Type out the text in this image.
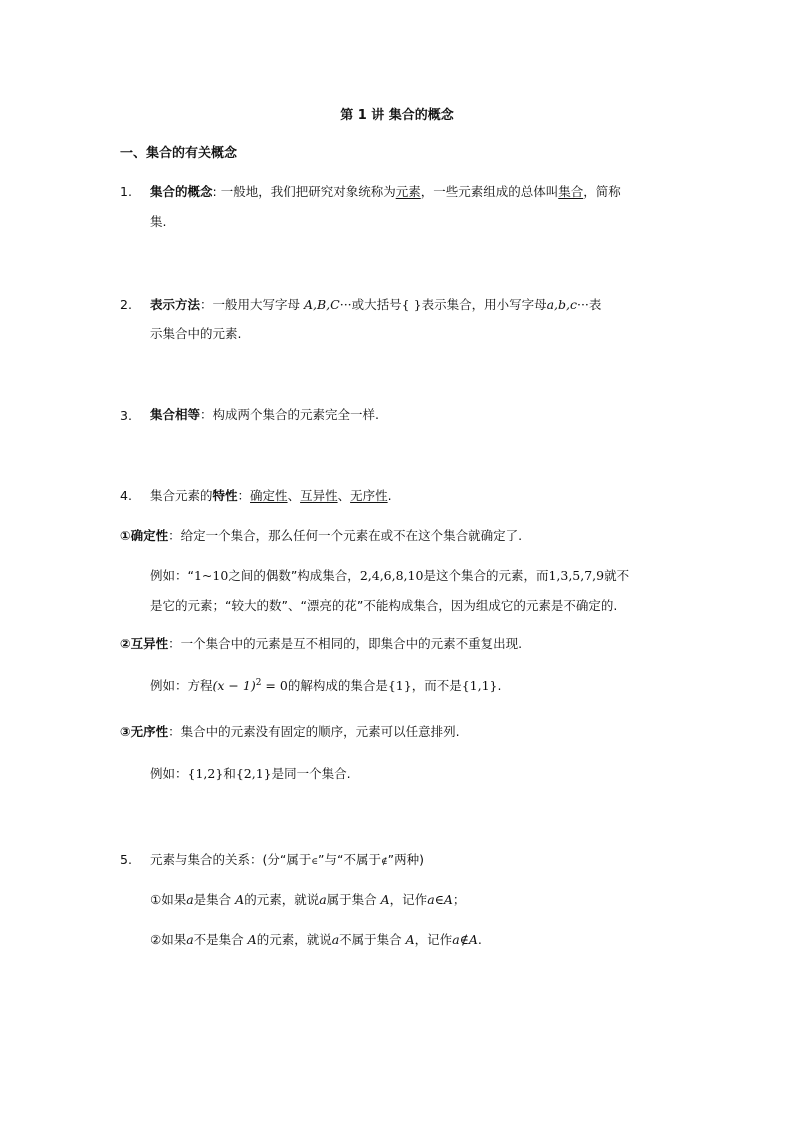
第 1 讲 集合的概念
一、集合的有关概念
1.	集合的概念: 一般地，我们把研究对象统称为元素，一些元素组成的总体叫集合，简称
集.
2.	表示方法：一般用大写字母 A,B,C···或大括号{ }表示集合，用小写字母a,b,c···表
示集合中的元素.
3.	集合相等：构成两个集合的元素完全一样.
4.	集合元素的特性：确定性、互异性、无序性.
①确定性：给定一个集合，那么任何一个元素在或不在这个集合就确定了.
例如：“1~10之间的偶数”构成集合，2,4,6,8,10是这个集合的元素，而1,3,5,7,9就不
是它的元素；“较大的数”、“漂亮的花”不能构成集合，因为组成它的元素是不确定的.
②互异性：一个集合中的元素是互不相同的，即集合中的元素不重复出现.
例如：方程$(x - 1)^2 = 0$的解构成的集合是{1}，而不是{1,1}.
③无序性：集合中的元素没有固定的顺序，元素可以任意排列.
例如：{1,2}和{2,1}是同一个集合.
5.	元素与集合的关系：(分“属于∈”与“不属于∉”两种)
①如果a是集合 A的元素，就说a属于集合 A，记作a∈A；
②如果a不是集合 A的元素，就说a不属于集合 A，记作a∉A.
